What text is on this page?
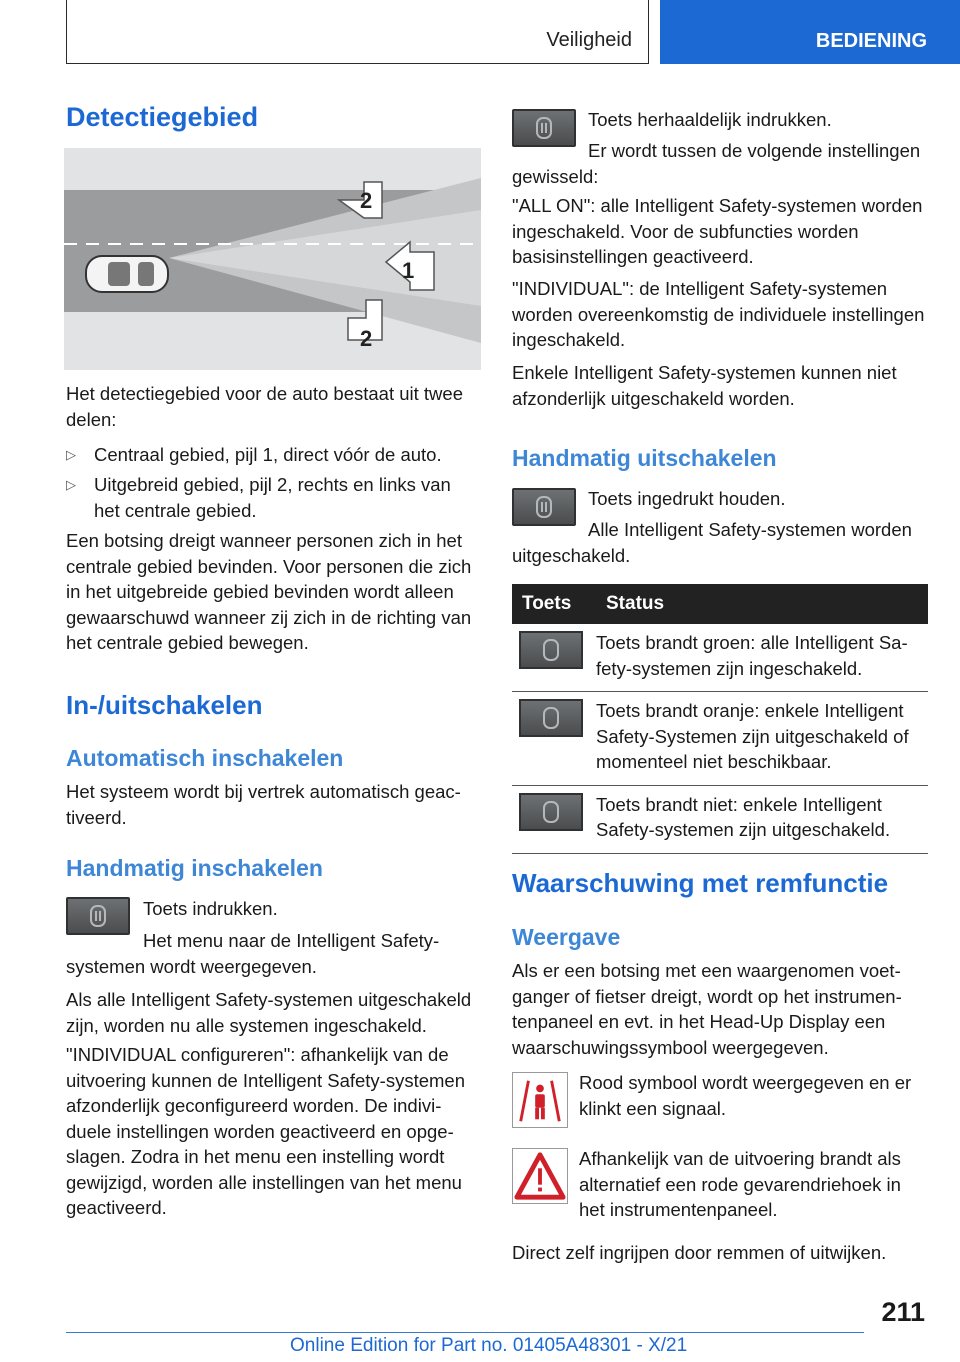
Veiligheid	BEDIENING
Detectiegebied
2
1
2

Het detectiegebied voor de auto bestaat uit twee delen:

▷ Centraal gebied, pijl 1, direct vóór de auto.
▷ Uitgebreid gebied, pijl 2, rechts en links van het centrale gebied.

Een botsing dreigt wanneer personen zich in het centrale gebied bevinden. Voor personen die zich in het uitgebreide gebied bevinden wordt alleen gewaarschuwd wanneer zij zich in de richting van het centrale gebied bewegen.

In-/uitschakelen
Automatisch inschakelen

Het systeem wordt bij vertrek automatisch geactiveerd.

Handmatig inschakelen

Toets indrukken.

Het menu naar de Intelligent Safety-systemen wordt weergegeven.

Als alle Intelligent Safety-systemen uitgeschakeld zijn, worden nu alle systemen ingeschakeld.

"INDIVIDUAL configureren": afhankelijk van de uitvoering kunnen de Intelligent Safety-systemen afzonderlijk geconfigureerd worden. De individuele instellingen worden geactiveerd en opgeslagen. Zodra in het menu een instelling wordt gewijzigd, worden alle instellingen van het menu geactiveerd.

Toets herhaaldelijk indrukken.

Er wordt tussen de volgende instellingen gewisseld:

"ALL ON": alle Intelligent Safety-systemen worden ingeschakeld. Voor de subfuncties worden basisinstellingen geactiveerd.

"INDIVIDUAL": de Intelligent Safety-systemen worden overeenkomstig de individuele instellingen ingeschakeld.

Enkele Intelligent Safety-systemen kunnen niet afzonderlijk uitgeschakeld worden.

Handmatig uitschakelen

Toets ingedrukt houden.

Alle Intelligent Safety-systemen worden uitgeschakeld.

Toets	Status

	Toets brandt groen: alle Intelligent Safety-systemen zijn ingeschakeld.

	Toets brandt oranje: enkele Intelligent Safety-Systemen zijn uitgeschakeld of momenteel niet beschikbaar.

	Toets brandt niet: enkele Intelligent Safety-systemen zijn uitgeschakeld.
Waarschuwing met remfunctie
Weergave

Als er een botsing met een waargenomen voetganger of fietser dreigt, wordt op het instrumentenpaneel en evt. in het Head-Up Display een waarschuwingssymbool weergegeven.

Rood symbool wordt weergegeven en er klinkt een signaal.

Afhankelijk van de uitvoering brandt als alternatief een rode gevarendriehoek in het instrumentenpaneel.

Direct zelf ingrijpen door remmen of uitwijken.

211
Online Edition for Part no. 01405A48301 - X/21
